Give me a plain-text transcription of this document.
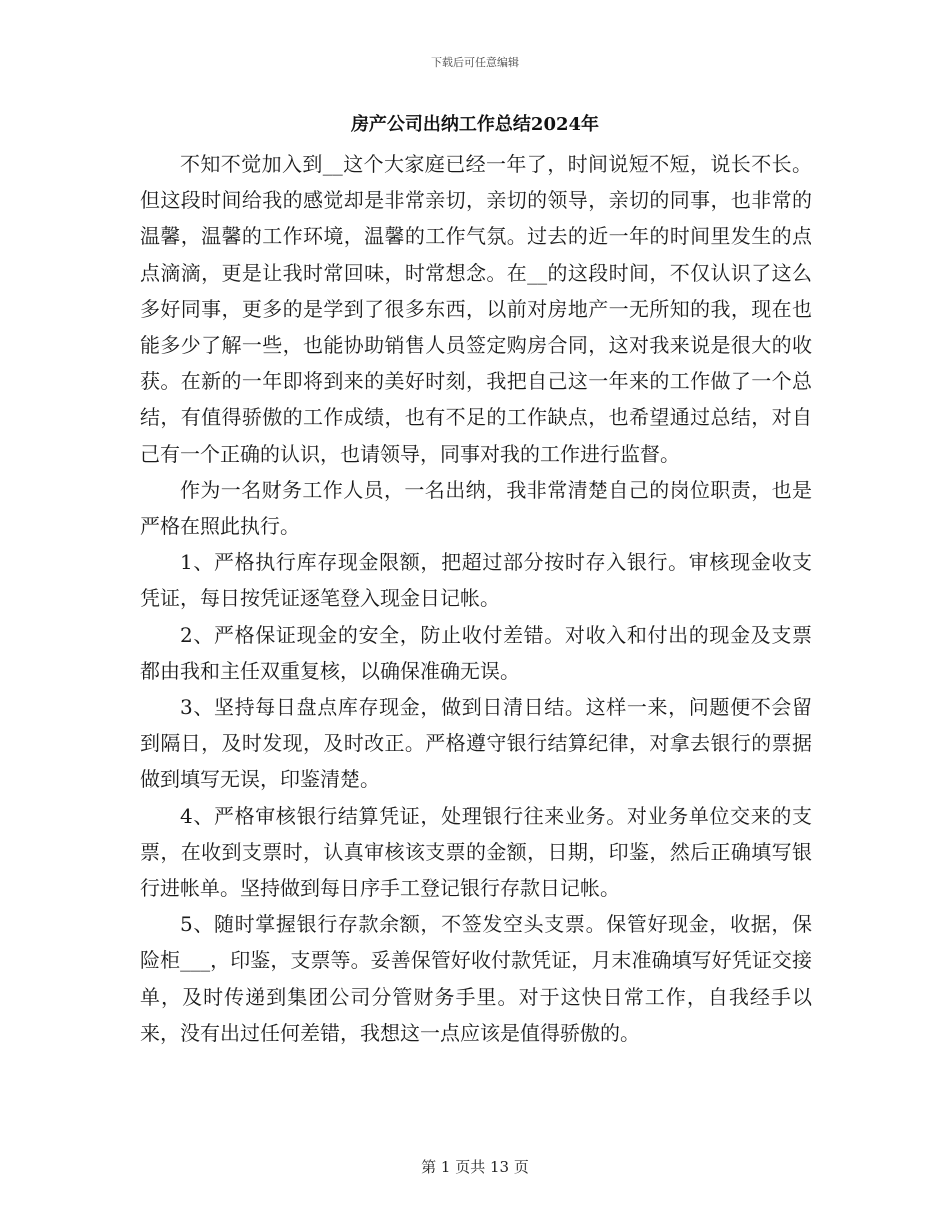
下载后可任意编辑
房产公司出纳工作总结2024年

不知不觉加入到__这个大家庭已经一年了，时间说短不短，说长不长。但这段时间给我的感觉却是非常亲切，亲切的领导，亲切的同事，也非常的温馨，温馨的工作环境，温馨的工作气氛。过去的近一年的时间里发生的点点滴滴，更是让我时常回味，时常想念。在__的这段时间，不仅认识了这么多好同事，更多的是学到了很多东西，以前对房地产一无所知的我，现在也能多少了解一些，也能协助销售人员签定购房合同，这对我来说是很大的收获。在新的一年即将到来的美好时刻，我把自己这一年来的工作做了一个总结，有值得骄傲的工作成绩，也有不足的工作缺点，也希望通过总结，对自己有一个正确的认识，也请领导，同事对我的工作进行监督。

作为一名财务工作人员，一名出纳，我非常清楚自己的岗位职责，也是严格在照此执行。

1、严格执行库存现金限额，把超过部分按时存入银行。审核现金收支凭证，每日按凭证逐笔登入现金日记帐。

2、严格保证现金的安全，防止收付差错。对收入和付出的现金及支票都由我和主任双重复核，以确保准确无误。

3、坚持每日盘点库存现金，做到日清日结。这样一来，问题便不会留到隔日，及时发现，及时改正。严格遵守银行结算纪律，对拿去银行的票据做到填写无误，印鉴清楚。

4、严格审核银行结算凭证，处理银行往来业务。对业务单位交来的支票，在收到支票时，认真审核该支票的金额，日期，印鉴，然后正确填写银行进帐单。坚持做到每日序手工登记银行存款日记帐。

5、随时掌握银行存款余额，不签发空头支票。保管好现金，收据，保险柜___，印鉴，支票等。妥善保管好收付款凭证，月末准确填写好凭证交接单，及时传递到集团公司分管财务手里。对于这快日常工作，自我经手以来，没有出过任何差错，我想这一点应该是值得骄傲的。

第 1 页共 13 页
